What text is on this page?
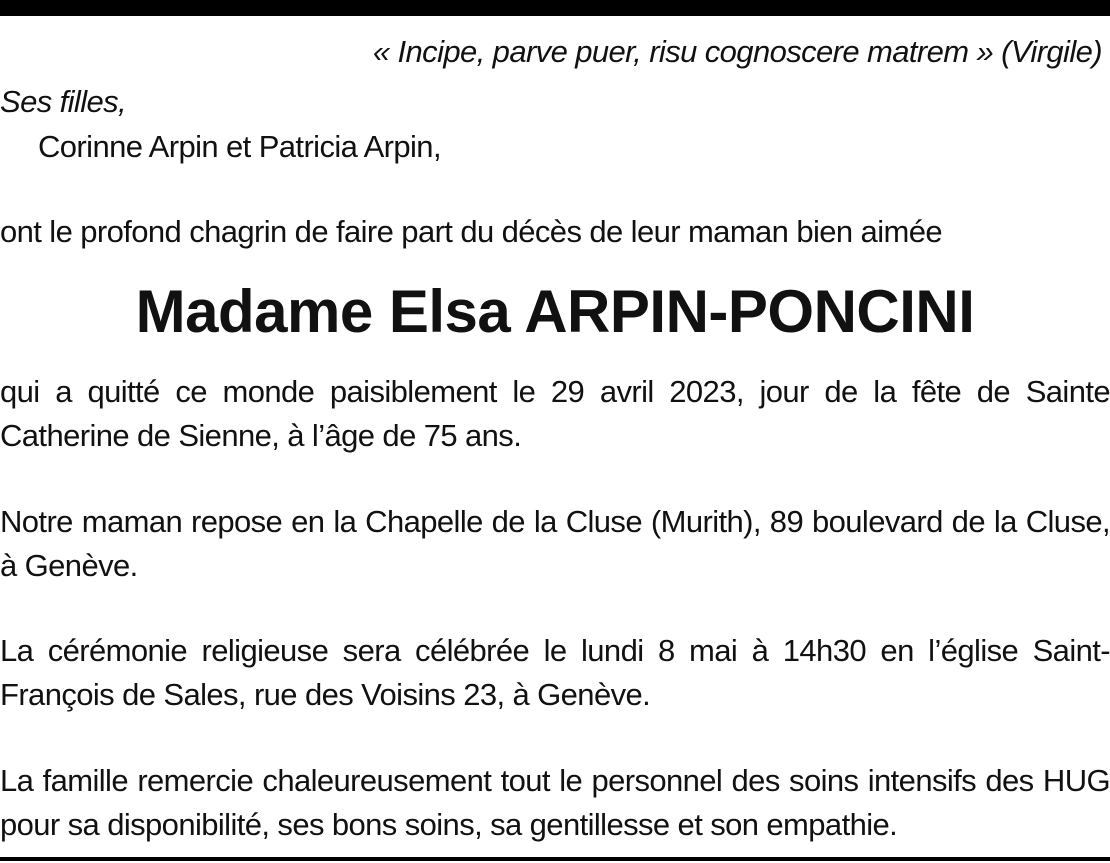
« Incipe, parve puer, risu cognoscere matrem » (Virgile)
Ses filles,
Corinne Arpin et Patricia Arpin,
ont le profond chagrin de faire part du décès de leur maman bien aimée
Madame Elsa ARPIN-PONCINI

qui a quitté ce monde paisiblement le 29 avril 2023, jour de la fête de Sainte Catherine de Sienne, à l’âge de 75 ans.

Notre maman repose en la Chapelle de la Cluse (Murith), 89 boulevard de la Cluse, à Genève.

La cérémonie religieuse sera célébrée le lundi 8 mai à 14h30 en l’église Saint-François de Sales, rue des Voisins 23, à Genève.

La famille remercie chaleureusement tout le personnel des soins intensifs des HUG pour sa disponibilité, ses bons soins, sa gentillesse et son empathie.
